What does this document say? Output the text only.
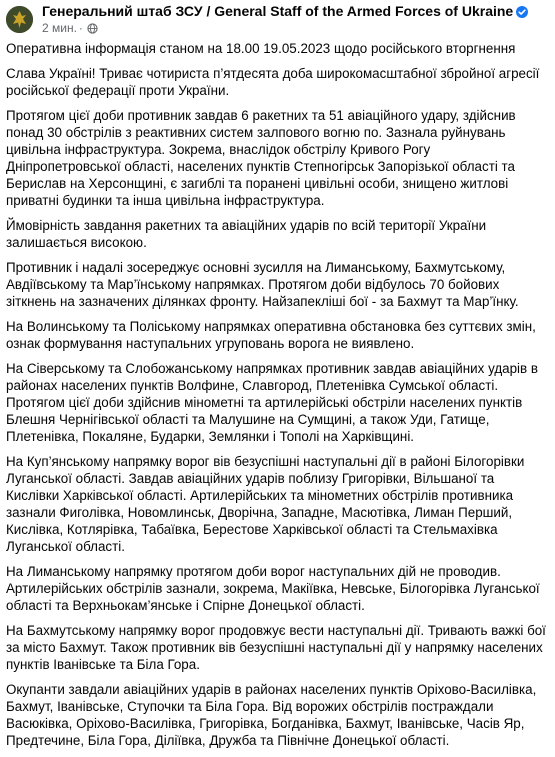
Генеральний штаб ЗСУ / General Staff of the Armed Forces of Ukraine
2 мин. ·

Оперативна інформація станом на 18.00 19.05.2023 щодо російського вторгнення

Слава Україні! Триває чотириста п’ятдесята доба широкомасштабної збройної агресії російської федерації проти України.

Протягом цієї доби противник завдав 6 ракетних та 51 авіаційного удару, здійснив понад 30 обстрілів з реактивних систем залпового вогню по. Зазнала руйнувань цивільна інфраструктура. Зокрема, внаслідок обстрілу Кривого Рогу Дніпропетровської області, населених пунктів Степногірськ Запорізької області та Берислав на Херсонщині, є загиблі та поранені цивільні особи, знищено житлові приватні будинки та інша цивільна інфраструктура.

Ймовірність завдання ракетних та авіаційних ударів по всій території України залишається високою.

Противник і надалі зосереджує основні зусилля на Лиманському, Бахмутському, Авдіївському та Мар’їнському напрямках. Протягом доби відбулось 70 бойових зіткнень на зазначених ділянках фронту. Найзапекліші бої - за Бахмут та Мар’їнку.

На Волинському та Поліському напрямках оперативна обстановка без суттєвих змін, ознак формування наступальних угруповань ворога не виявлено.

На Сіверському та Слобожанському напрямках противник завдав авіаційних ударів в районах населених пунктів Волфине, Славгород, Плетенівка Сумської області. Протягом цієї доби здійснив мінометні та артилерійські обстріли населених пунктів Блешня Чернігівської області та Малушине на Сумщині, а також Уди, Гатище, Плетенівка, Покаляне, Бударки, Землянки і Тополі на Харківщині.

На Куп’янському напрямку ворог вів безуспішні наступальні дії в районі Білогорівки Луганської області. Завдав авіаційних ударів поблизу Григорівки, Вільшаної та Кислівки Харківської області. Артилерійських та мінометних обстрілів противника зазнали Фиголівка, Новомлинськ, Дворічна, Западне, Масютівка, Лиман Перший, Кислівка, Котлярівка, Табаївка, Берестове Харківської області та Стельмахівка Луганської області.

На Лиманському напрямку протягом доби ворог наступальних дій не проводив. Артилерійських обстрілів зазнали, зокрема, Макіївка, Невське, Білогорівка Луганської області та Верхньокам’янське і Спірне Донецької області.

На Бахмутському напрямку ворог продовжує вести наступальні дії. Тривають важкі бої за місто Бахмут. Також противник вів безуспішні наступальні дії у напрямку населених пунктів Іванівське та Біла Гора.

Окупанти завдали авіаційних ударів в районах населених пунктів Оріхово-Василівка, Бахмут, Іванівське, Ступочки та Біла Гора. Від ворожих обстрілів постраждали Васюківка, Оріхово-Василівка, Григорівка, Богданівка, Бахмут, Іванівське, Часів Яр, Предтечине, Біла Гора, Діліївка, Дружба та Північне Донецької області.
